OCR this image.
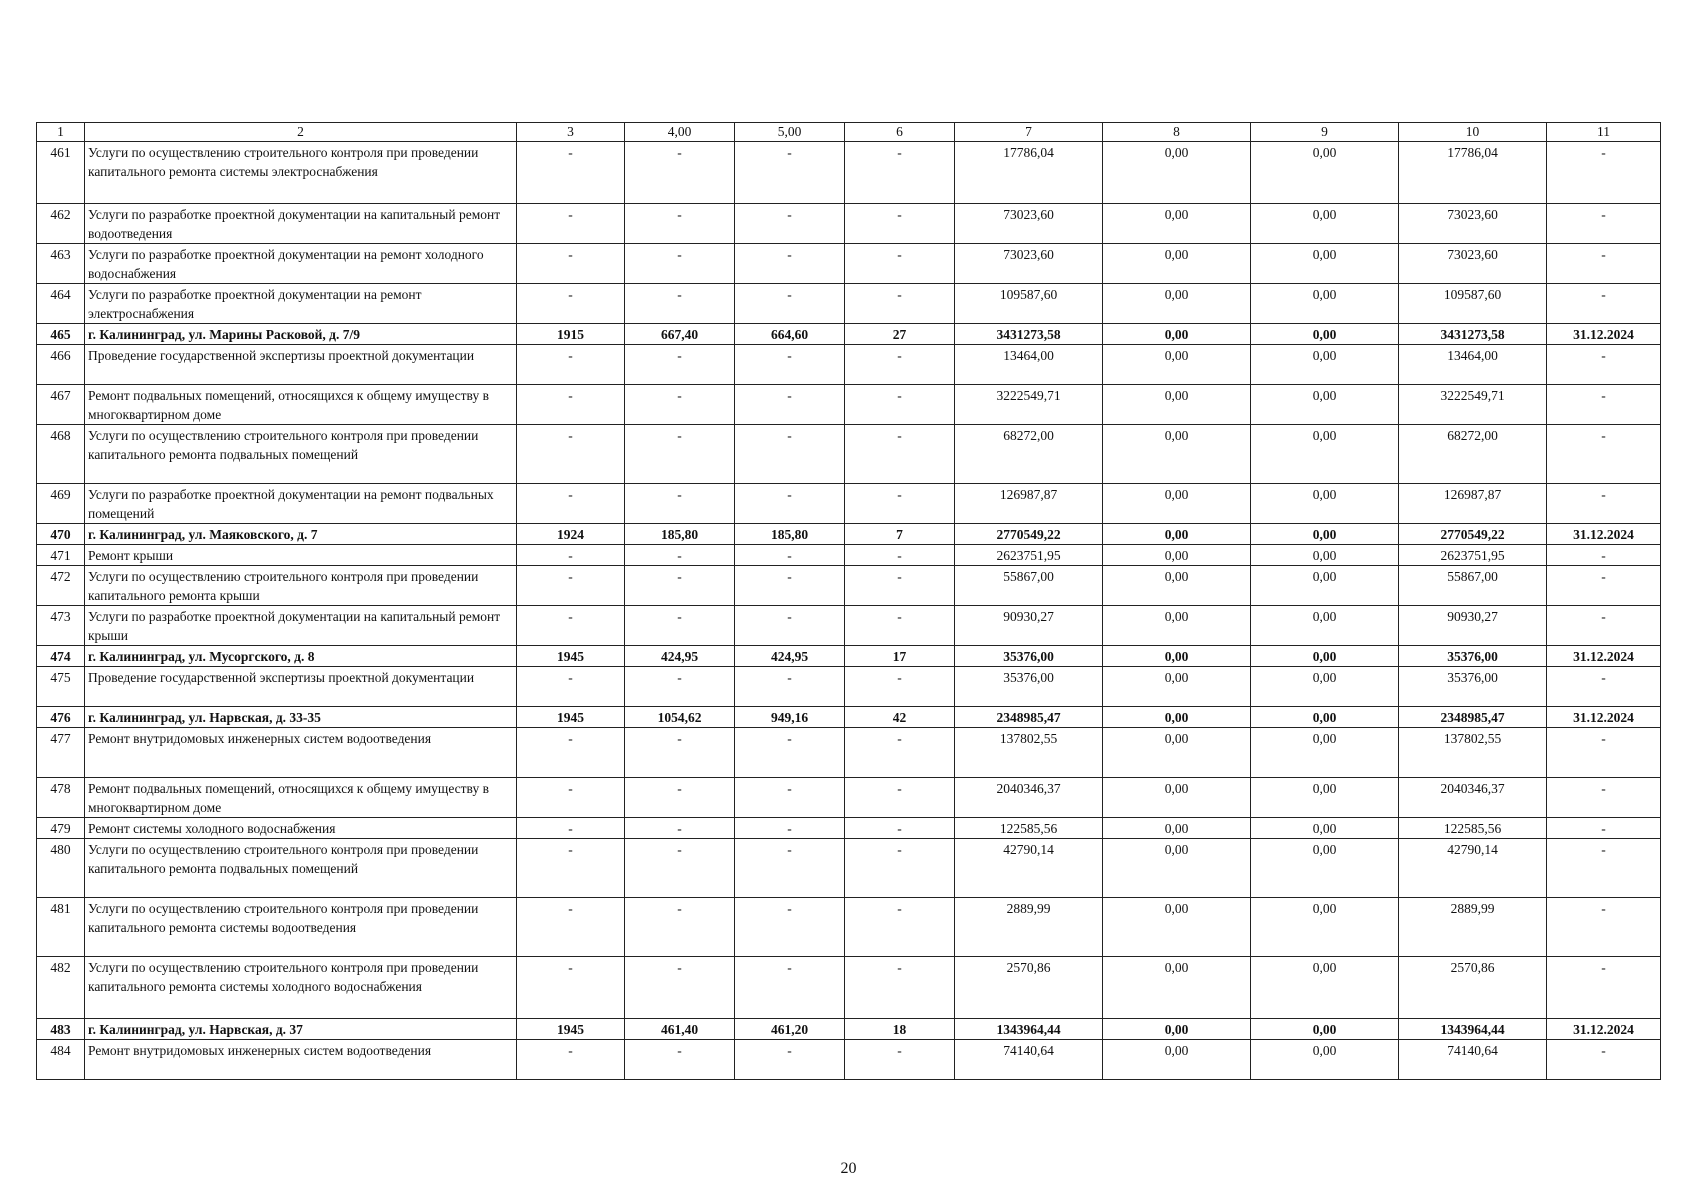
1	2	3	4,00	5,00	6	7	8	9	10	11
461	Услуги по осуществлению строительного контроля при проведении капитального ремонта системы электроснабжения	-	-	-	-	17786,04	0,00	0,00	17786,04	-
462	Услуги по разработке проектной документации на капитальный ремонт водоотведения	-	-	-	-	73023,60	0,00	0,00	73023,60	-
463	Услуги по разработке проектной документации на ремонт холодного водоснабжения	-	-	-	-	73023,60	0,00	0,00	73023,60	-
464	Услуги по разработке проектной документации на ремонт электроснабжения	-	-	-	-	109587,60	0,00	0,00	109587,60	-
465	г. Калининград, ул. Марины Расковой, д. 7/9	1915	667,40	664,60	27	3431273,58	0,00	0,00	3431273,58	31.12.2024
466	Проведение государственной экспертизы проектной документации	-	-	-	-	13464,00	0,00	0,00	13464,00	-
467	Ремонт подвальных помещений, относящихся к общему имуществу в многоквартирном доме	-	-	-	-	3222549,71	0,00	0,00	3222549,71	-
468	Услуги по осуществлению строительного контроля при проведении капитального ремонта подвальных помещений	-	-	-	-	68272,00	0,00	0,00	68272,00	-
469	Услуги по разработке проектной документации на ремонт подвальных помещений	-	-	-	-	126987,87	0,00	0,00	126987,87	-
470	г. Калининград, ул. Маяковского, д. 7	1924	185,80	185,80	7	2770549,22	0,00	0,00	2770549,22	31.12.2024
471	Ремонт крыши	-	-	-	-	2623751,95	0,00	0,00	2623751,95	-
472	Услуги по осуществлению строительного контроля при проведении капитального ремонта крыши	-	-	-	-	55867,00	0,00	0,00	55867,00	-
473	Услуги по разработке проектной документации на капитальный ремонт крыши	-	-	-	-	90930,27	0,00	0,00	90930,27	-
474	г. Калининград, ул. Мусоргского, д. 8	1945	424,95	424,95	17	35376,00	0,00	0,00	35376,00	31.12.2024
475	Проведение государственной экспертизы проектной документации	-	-	-	-	35376,00	0,00	0,00	35376,00	-
476	г. Калининград, ул. Нарвская, д. 33-35	1945	1054,62	949,16	42	2348985,47	0,00	0,00	2348985,47	31.12.2024
477	Ремонт внутридомовых инженерных систем водоотведения	-	-	-	-	137802,55	0,00	0,00	137802,55	-
478	Ремонт подвальных помещений, относящихся к общему имуществу в многоквартирном доме	-	-	-	-	2040346,37	0,00	0,00	2040346,37	-
479	Ремонт системы холодного водоснабжения	-	-	-	-	122585,56	0,00	0,00	122585,56	-
480	Услуги по осуществлению строительного контроля при проведении капитального ремонта подвальных помещений	-	-	-	-	42790,14	0,00	0,00	42790,14	-
481	Услуги по осуществлению строительного контроля при проведении капитального ремонта системы водоотведения	-	-	-	-	2889,99	0,00	0,00	2889,99	-
482	Услуги по осуществлению строительного контроля при проведении капитального ремонта системы холодного водоснабжения	-	-	-	-	2570,86	0,00	0,00	2570,86	-
483	г. Калининград, ул. Нарвская, д. 37	1945	461,40	461,20	18	1343964,44	0,00	0,00	1343964,44	31.12.2024
484	Ремонт внутридомовых инженерных систем водоотведения	-	-	-	-	74140,64	0,00	0,00	74140,64	-
20
